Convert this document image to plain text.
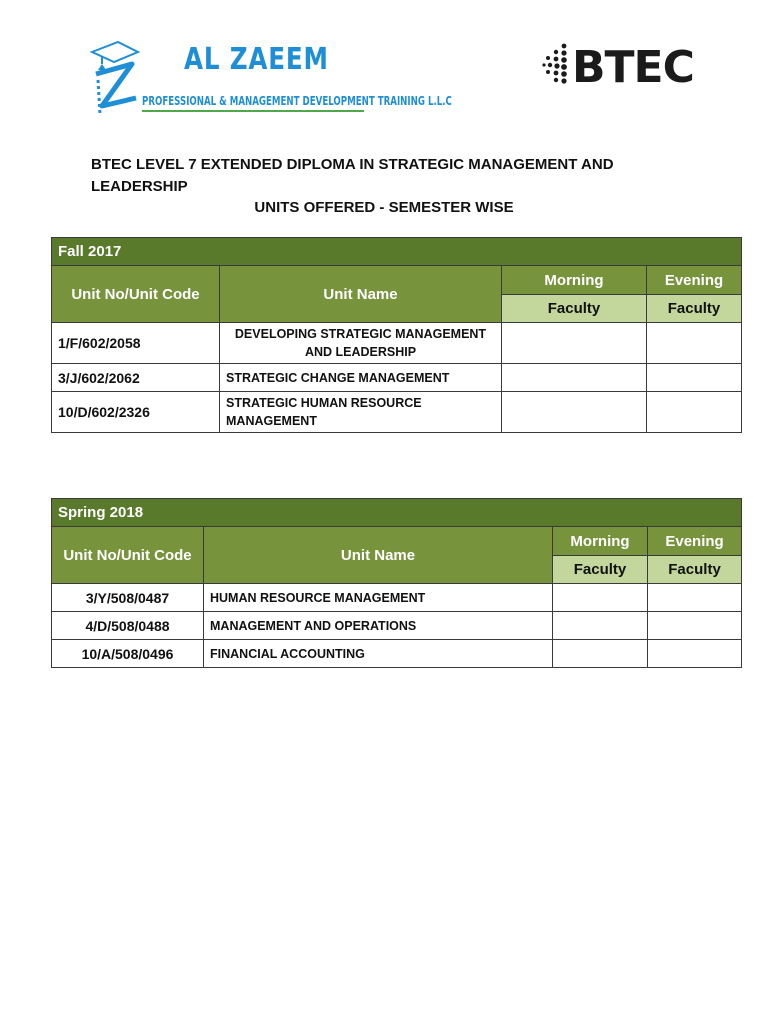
AL ZAEEM
PROFESSIONAL & MANAGEMENT DEVELOPMENT TRAINING L.L.C
BTEC
BTEC LEVEL 7 EXTENDED DIPLOMA IN STRATEGIC MANAGEMENT AND LEADERSHIP
UNITS OFFERED - SEMESTER WISE
Fall 2017			
Unit No/Unit Code	Unit Name	Morning	Evening
		Faculty	Faculty
1/F/602/2058	DEVELOPING STRATEGIC MANAGEMENT AND LEADERSHIP		
3/J/602/2062	STRATEGIC CHANGE MANAGEMENT		
10/D/602/2326	STRATEGIC HUMAN RESOURCE MANAGEMENT		
Spring 2018			
Unit No/Unit Code	Unit Name	Morning	Evening
		Faculty	Faculty
3/Y/508/0487	HUMAN RESOURCE MANAGEMENT		
4/D/508/0488	MANAGEMENT AND OPERATIONS		
10/A/508/0496	FINANCIAL ACCOUNTING		
